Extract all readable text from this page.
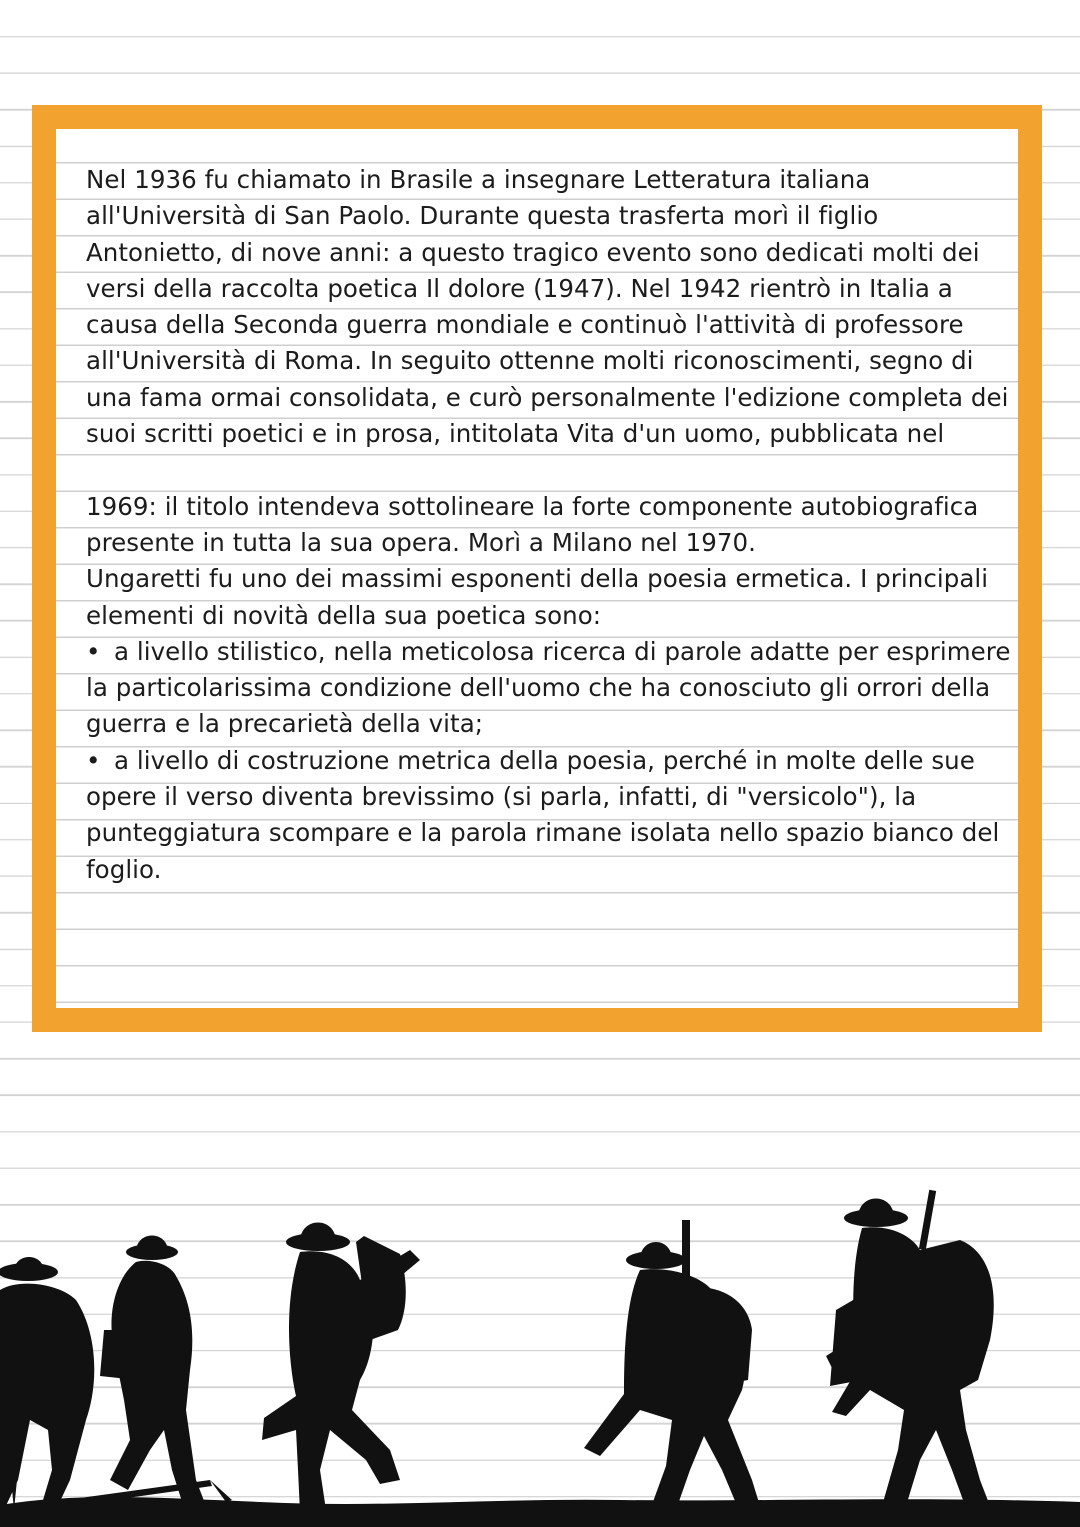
Nel 1936 fu chiamato in Brasile a insegnare Letteratura italiana all'Università di San Paolo. Durante questa trasferta morì il figlio Antonietto, di nove anni: a questo tragico evento sono dedicati molti dei versi della raccolta poetica Il dolore (1947). Nel 1942 rientrò in Italia a causa della Seconda guerra mondiale e continuò l'attività di professore all'Università di Roma. In seguito ottenne molti riconoscimenti, segno di una fama ormai consolidata, e curò personalmente l'edizione completa dei suoi scritti poetici e in prosa, intitolata Vita d'un uomo, pubblicata nel

1969: il titolo intendeva sottolineare la forte componente autobiografica presente in tutta la sua opera. Morì a Milano nel 1970.

Ungaretti fu uno dei massimi esponenti della poesia ermetica. I principali elementi di novità della sua poetica sono:

• a livello stilistico, nella meticolosa ricerca di parole adatte per esprimere la particolarissima condizione dell'uomo che ha conosciuto gli orrori della guerra e la precarietà della vita;

• a livello di costruzione metrica della poesia, perché in molte delle sue opere il verso diventa brevissimo (si parla, infatti, di "versicolo"), la punteggiatura scompare e la parola rimane isolata nello spazio bianco del foglio.
